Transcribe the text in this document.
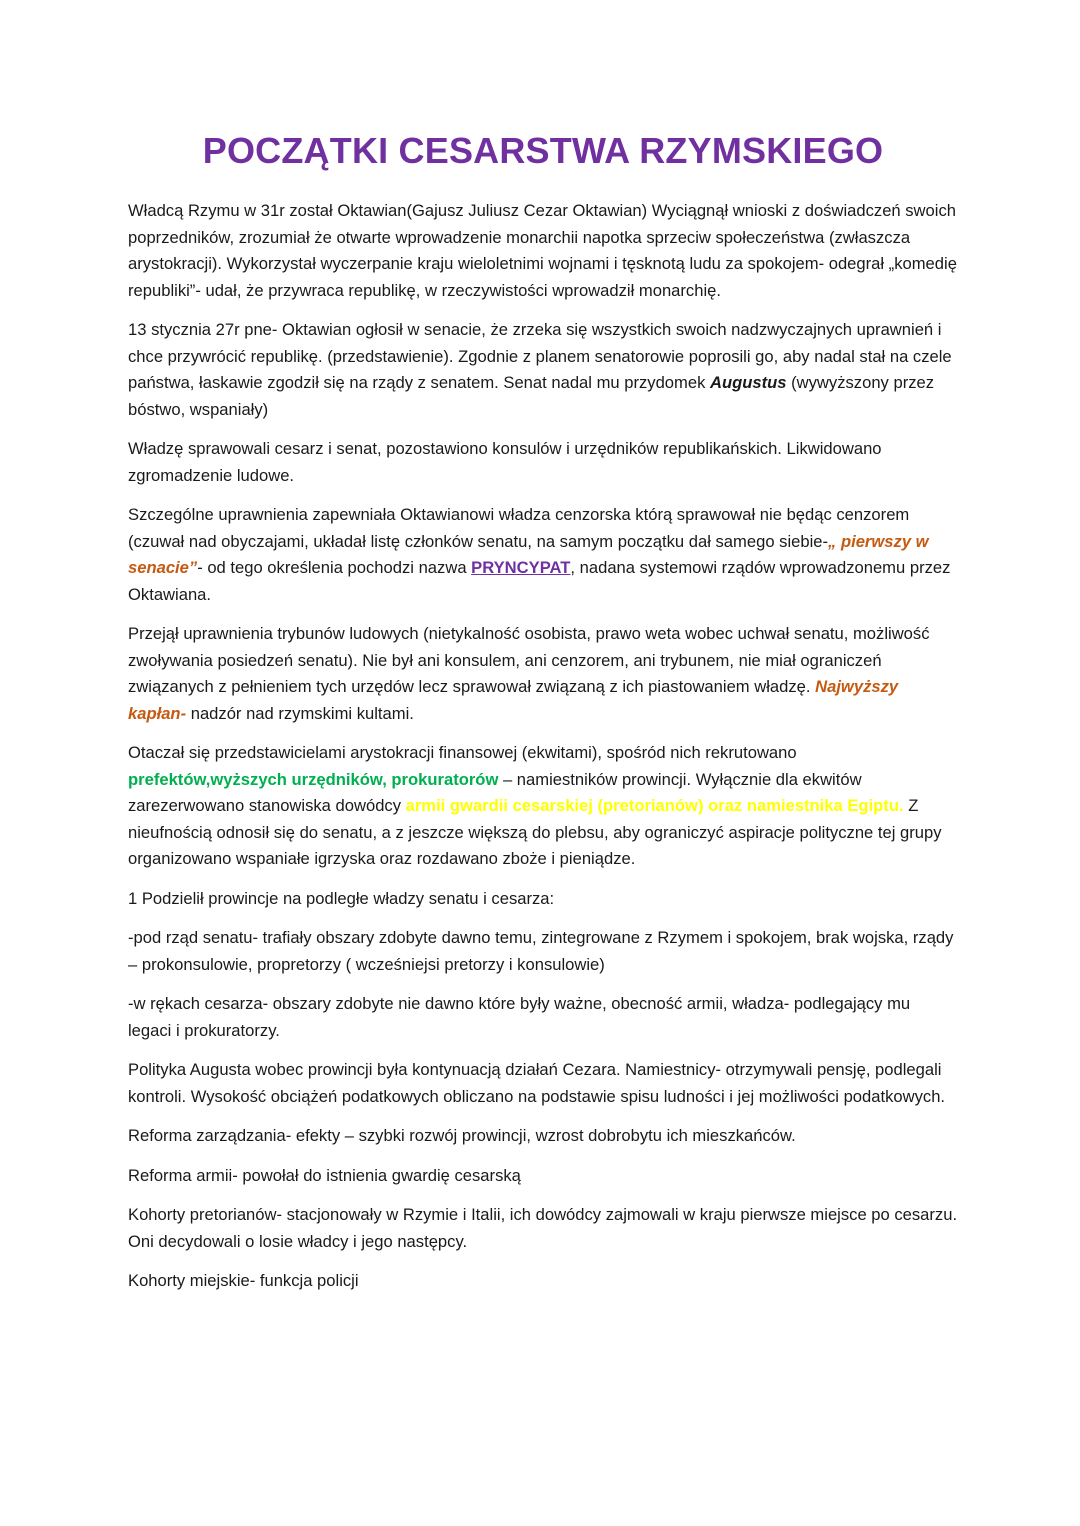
POCZĄTKI CESARSTWA RZYMSKIEGO

Władcą Rzymu w 31r został Oktawian(Gajusz Juliusz Cezar Oktawian) Wyciągnął wnioski z doświadczeń swoich poprzedników, zrozumiał że otwarte wprowadzenie monarchii napotka sprzeciw społeczeństwa (zwłaszcza arystokracji). Wykorzystał wyczerpanie kraju wieloletnimi wojnami i tęsknotą ludu za spokojem- odegrał „komedię republiki”- udał, że przywraca republikę, w rzeczywistości wprowadził monarchię.

13 stycznia 27r pne- Oktawian ogłosił w senacie, że zrzeka się wszystkich swoich nadzwyczajnych uprawnień i chce przywrócić republikę. (przedstawienie). Zgodnie z planem senatorowie poprosili go, aby nadal stał na czele państwa, łaskawie zgodził się na rządy z senatem. Senat nadal mu przydomek Augustus (wywyższony przez bóstwo, wspaniały)

Władzę sprawowali cesarz i senat, pozostawiono konsulów i urzędników republikańskich. Likwidowano zgromadzenie ludowe.

Szczególne uprawnienia zapewniała Oktawianowi władza cenzorska którą sprawował nie będąc cenzorem (czuwał nad obyczajami, układał listę członków senatu, na samym początku dał samego siebie-„ pierwszy w senacie”- od tego określenia pochodzi nazwa PRYNCYPAT, nadana systemowi rządów wprowadzonemu przez Oktawiana.

Przejął uprawnienia trybunów ludowych (nietykalność osobista, prawo weta wobec uchwał senatu, możliwość zwoływania posiedzeń senatu). Nie był ani konsulem, ani cenzorem, ani trybunem, nie miał ograniczeń związanych z pełnieniem tych urzędów lecz sprawował związaną z ich piastowaniem władzę. Najwyższy kapłan- nadzór nad rzymskimi kultami.

Otaczał się przedstawicielami arystokracji finansowej (ekwitami), spośród nich rekrutowano prefektów,wyższych urzędników, prokuratorów – namiestników prowincji. Wyłącznie dla ekwitów zarezerwowano stanowiska dowódcy armii gwardii cesarskiej (pretorianów) oraz namiestnika Egiptu. Z nieufnością odnosił się do senatu, a z jeszcze większą do plebsu, aby ograniczyć aspiracje polityczne tej grupy organizowano wspaniałe igrzyska oraz rozdawano zboże i pieniądze.

1 Podzielił prowincje na podległe władzy senatu i cesarza:

-pod rząd senatu- trafiały obszary zdobyte dawno temu, zintegrowane z Rzymem i spokojem, brak wojska, rządy – prokonsulowie, propretorzy ( wcześniejsi pretorzy i konsulowie)

-w rękach cesarza- obszary zdobyte nie dawno które były ważne, obecność armii, władza- podlegający mu legaci i prokuratorzy.

Polityka Augusta wobec prowincji była kontynuacją działań Cezara. Namiestnicy- otrzymywali pensję, podlegali kontroli. Wysokość obciążeń podatkowych obliczano na podstawie spisu ludności i jej możliwości podatkowych.

Reforma zarządzania- efekty – szybki rozwój prowincji, wzrost dobrobytu ich mieszkańców.

Reforma armii- powołał do istnienia gwardię cesarską

Kohorty pretorianów- stacjonowały w Rzymie i Italii, ich dowódcy zajmowali w kraju pierwsze miejsce po cesarzu. Oni decydowali o losie władcy i jego następcy.

Kohorty miejskie- funkcja policji
